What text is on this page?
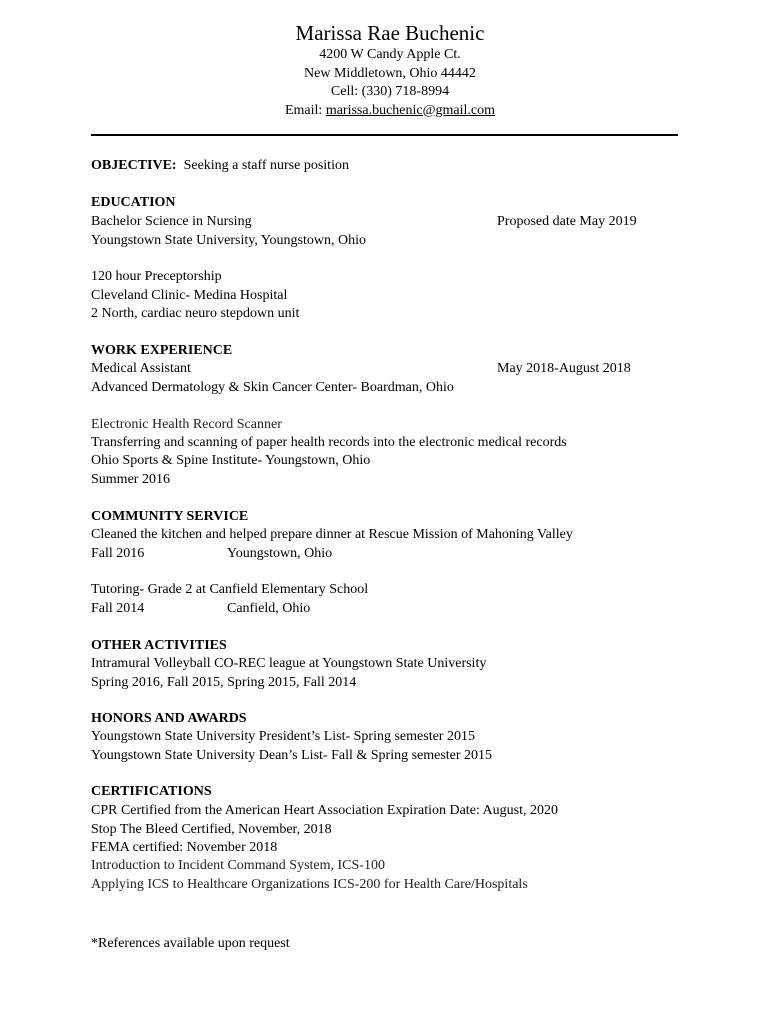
Marissa Rae Buchenic
4200 W Candy Apple Ct.
New Middletown, Ohio 44442
Cell: (330) 718-8994
Email: marissa.buchenic@gmail.com
OBJECTIVE: Seeking a staff nurse position
EDUCATION
Bachelor Science in Nursing	Proposed date May 2019
Youngstown State University, Youngstown, Ohio
120 hour Preceptorship
Cleveland Clinic- Medina Hospital
2 North, cardiac neuro stepdown unit
WORK EXPERIENCE
Medical Assistant	May 2018-August 2018
Advanced Dermatology & Skin Cancer Center- Boardman, Ohio
Electronic Health Record Scanner
Transferring and scanning of paper health records into the electronic medical records
Ohio Sports & Spine Institute- Youngstown, Ohio
Summer 2016
COMMUNITY SERVICE
Cleaned the kitchen and helped prepare dinner at Rescue Mission of Mahoning Valley
Fall 2016	Youngstown, Ohio
Tutoring- Grade 2 at Canfield Elementary School
Fall 2014	Canfield, Ohio
OTHER ACTIVITIES
Intramural Volleyball CO-REC league at Youngstown State University
Spring 2016, Fall 2015, Spring 2015, Fall 2014
HONORS AND AWARDS
Youngstown State University President’s List- Spring semester 2015
Youngstown State University Dean’s List- Fall & Spring semester 2015
CERTIFICATIONS
CPR Certified from the American Heart Association Expiration Date: August, 2020
Stop The Bleed Certified, November, 2018
FEMA certified: November 2018
Introduction to Incident Command System, ICS-100
Applying ICS to Healthcare Organizations ICS-200 for Health Care/Hospitals
*References available upon request
